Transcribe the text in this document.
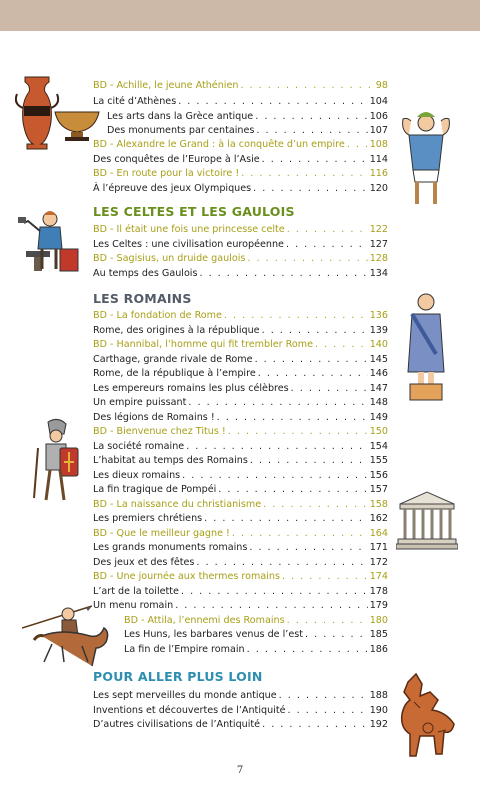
LES CELTES ET LES GAULOIS
LES ROMAINS
POUR ALLER PLUS LOIN
BD - Achille, le jeune Athénien . . .	98
La cité d’Athènes . . .	104
Les arts dans la Grèce antique . . .	106
Des monuments par centaines . . .	107
BD - Alexandre le Grand : à la conquête d’un empire . . .	108
Des conquêtes de l’Europe à l’Asie . . .	114
BD - En route pour la victoire ! . . .	116
À l’épreuve des jeux Olympiques . . .	120
BD - Il était une fois une princesse celte . . .	122
Les Celtes : une civilisation européenne . . .	127
BD - Sagisius, un druide gaulois . . .	128
Au temps des Gaulois . . .	134
BD - La fondation de Rome . . .	136
Rome, des origines à la république . . .	139
BD - Hannibal, l’homme qui fit trembler Rome . . .	140
Carthage, grande rivale de Rome . . .	145
Rome, de la république à l’empire . . .	146
Les empereurs romains les plus célèbres . . .	147
Un empire puissant . . .	148
Des légions de Romains ! . . .	149
BD - Bienvenue chez Titus ! . . .	150
La société romaine . . .	154
L’habitat au temps des Romains . . .	155
Les dieux romains . . .	156
La fin tragique de Pompéi . . .	157
BD - La naissance du christianisme . . .	158
Les premiers chrétiens . . .	162
BD - Que le meilleur gagne ! . . .	164
Les grands monuments romains . . .	171
Des jeux et des fêtes . . .	172
BD - Une journée aux thermes romains . . .	174
L’art de la toilette . . .	178
Un menu romain . . .	179
BD - Attila, l’ennemi des Romains . . .	180
Les Huns, les barbares venus de l’est . . .	185
La fin de l’Empire romain . . .	186
Les sept merveilles du monde antique . . .	188
Inventions et découvertes de l’Antiquité . . .	190
D’autres civilisations de l’Antiquité . . .	192
7
